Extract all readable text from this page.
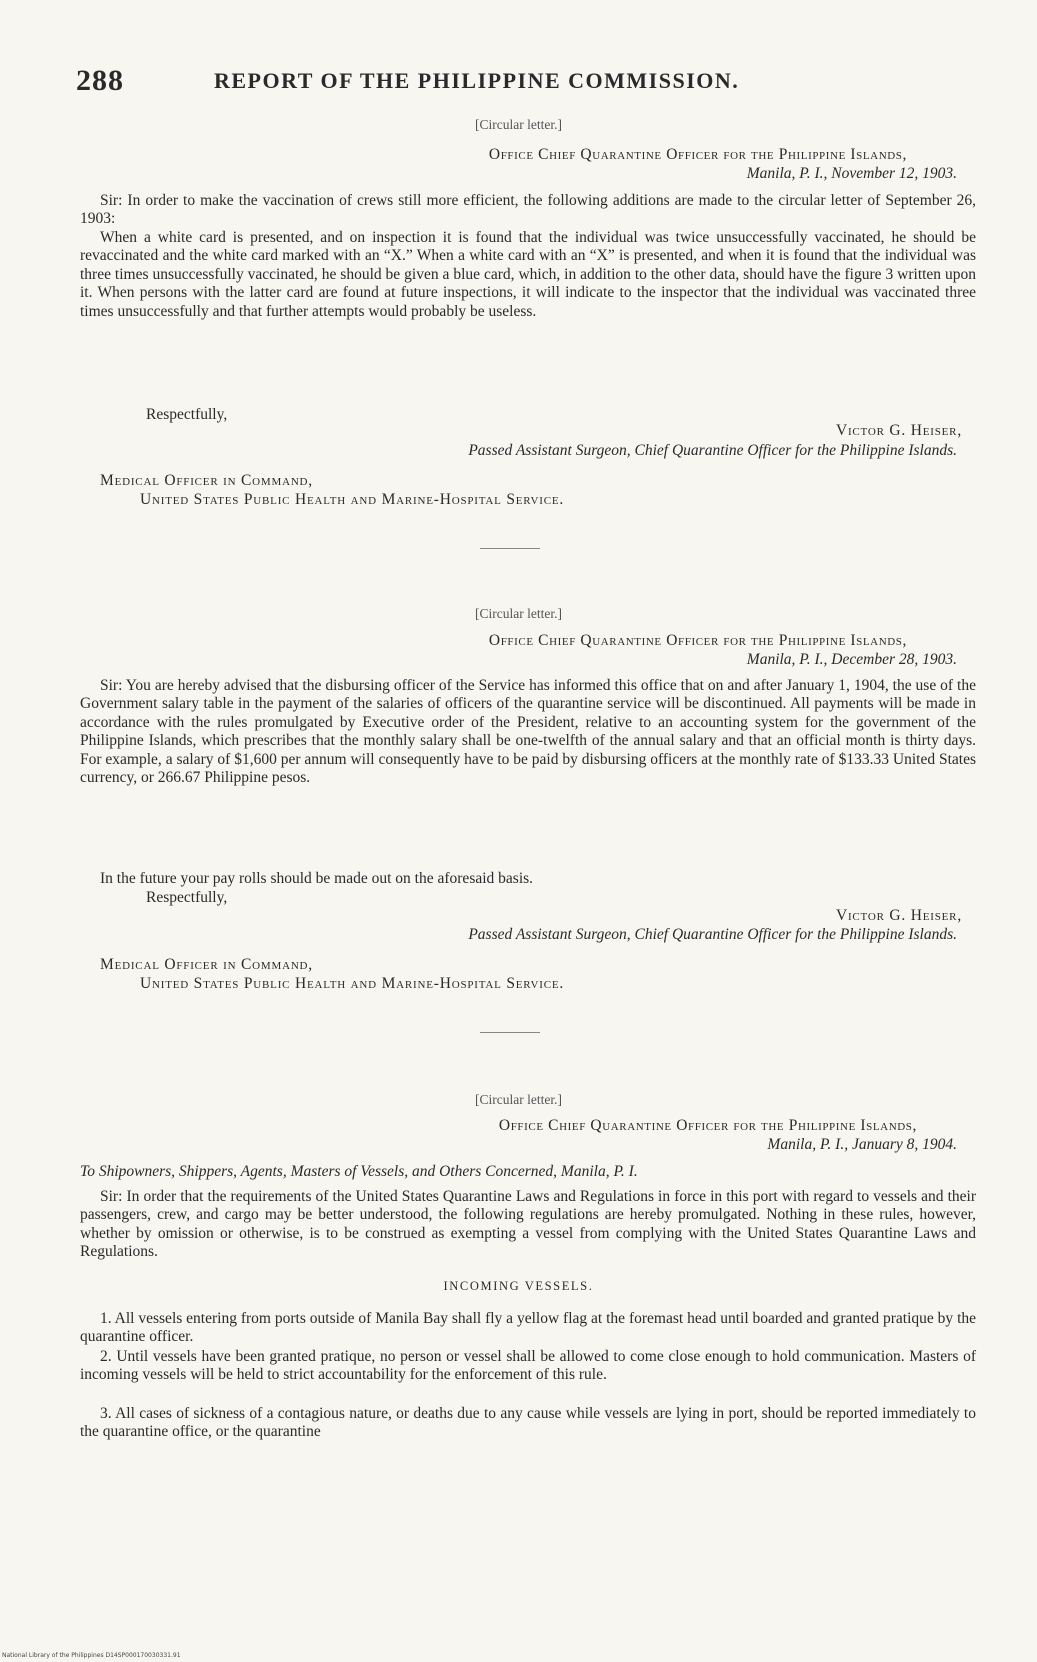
288	REPORT OF THE PHILIPPINE COMMISSION.
[Circular letter.]
Office Chief Quarantine Officer for the Philippine Islands,
Manila, P. I., November 12, 1903.

Sir: In order to make the vaccination of crews still more efficient, the following additions are made to the circular letter of September 26, 1903:

When a white card is presented, and on inspection it is found that the individual was twice unsuccessfully vaccinated, he should be revaccinated and the white card marked with an “X.” When a white card with an “X” is presented, and when it is found that the individual was three times unsuccessfully vaccinated, he should be given a blue card, which, in addition to the other data, should have the figure 3 written upon it. When persons with the latter card are found at future inspections, it will indicate to the inspector that the individual was vaccinated three times unsuccessfully and that further attempts would probably be useless.

Respectfully,
Victor G. Heiser,
Passed Assistant Surgeon, Chief Quarantine Officer for the Philippine Islands.
Medical Officer in Command,
United States Public Health and Marine-Hospital Service.
[Circular letter.]
Office Chief Quarantine Officer for the Philippine Islands,
Manila, P. I., December 28, 1903.

Sir: You are hereby advised that the disbursing officer of the Service has informed this office that on and after January 1, 1904, the use of the Government salary table in the payment of the salaries of officers of the quarantine service will be discontinued. All payments will be made in accordance with the rules promulgated by Executive order of the President, relative to an accounting system for the government of the Philippine Islands, which prescribes that the monthly salary shall be one-twelfth of the annual salary and that an official month is thirty days. For example, a salary of $1,600 per annum will consequently have to be paid by disbursing officers at the monthly rate of $133.33 United States currency, or 266.67 Philippine pesos.

In the future your pay rolls should be made out on the aforesaid basis.

Respectfully,
Victor G. Heiser,
Passed Assistant Surgeon, Chief Quarantine Officer for the Philippine Islands.
Medical Officer in Command,
United States Public Health and Marine-Hospital Service.
[Circular letter.]
Office Chief Quarantine Officer for the Philippine Islands,
Manila, P. I., January 8, 1904.
To Shipowners, Shippers, Agents, Masters of Vessels, and Others Concerned, Manila, P. I.

Sir: In order that the requirements of the United States Quarantine Laws and Regulations in force in this port with regard to vessels and their passengers, crew, and cargo may be better understood, the following regulations are hereby promulgated. Nothing in these rules, however, whether by omission or otherwise, is to be construed as exempting a vessel from complying with the United States Quarantine Laws and Regulations.

INCOMING VESSELS.

1. All vessels entering from ports outside of Manila Bay shall fly a yellow flag at the foremast head until boarded and granted pratique by the quarantine officer.

2. Until vessels have been granted pratique, no person or vessel shall be allowed to come close enough to hold communication. Masters of incoming vessels will be held to strict accountability for the enforcement of this rule.

3. All cases of sickness of a contagious nature, or deaths due to any cause while vessels are lying in port, should be reported immediately to the quarantine office, or the quarantine

National Library of the Philippines D14SP000170030331.91
